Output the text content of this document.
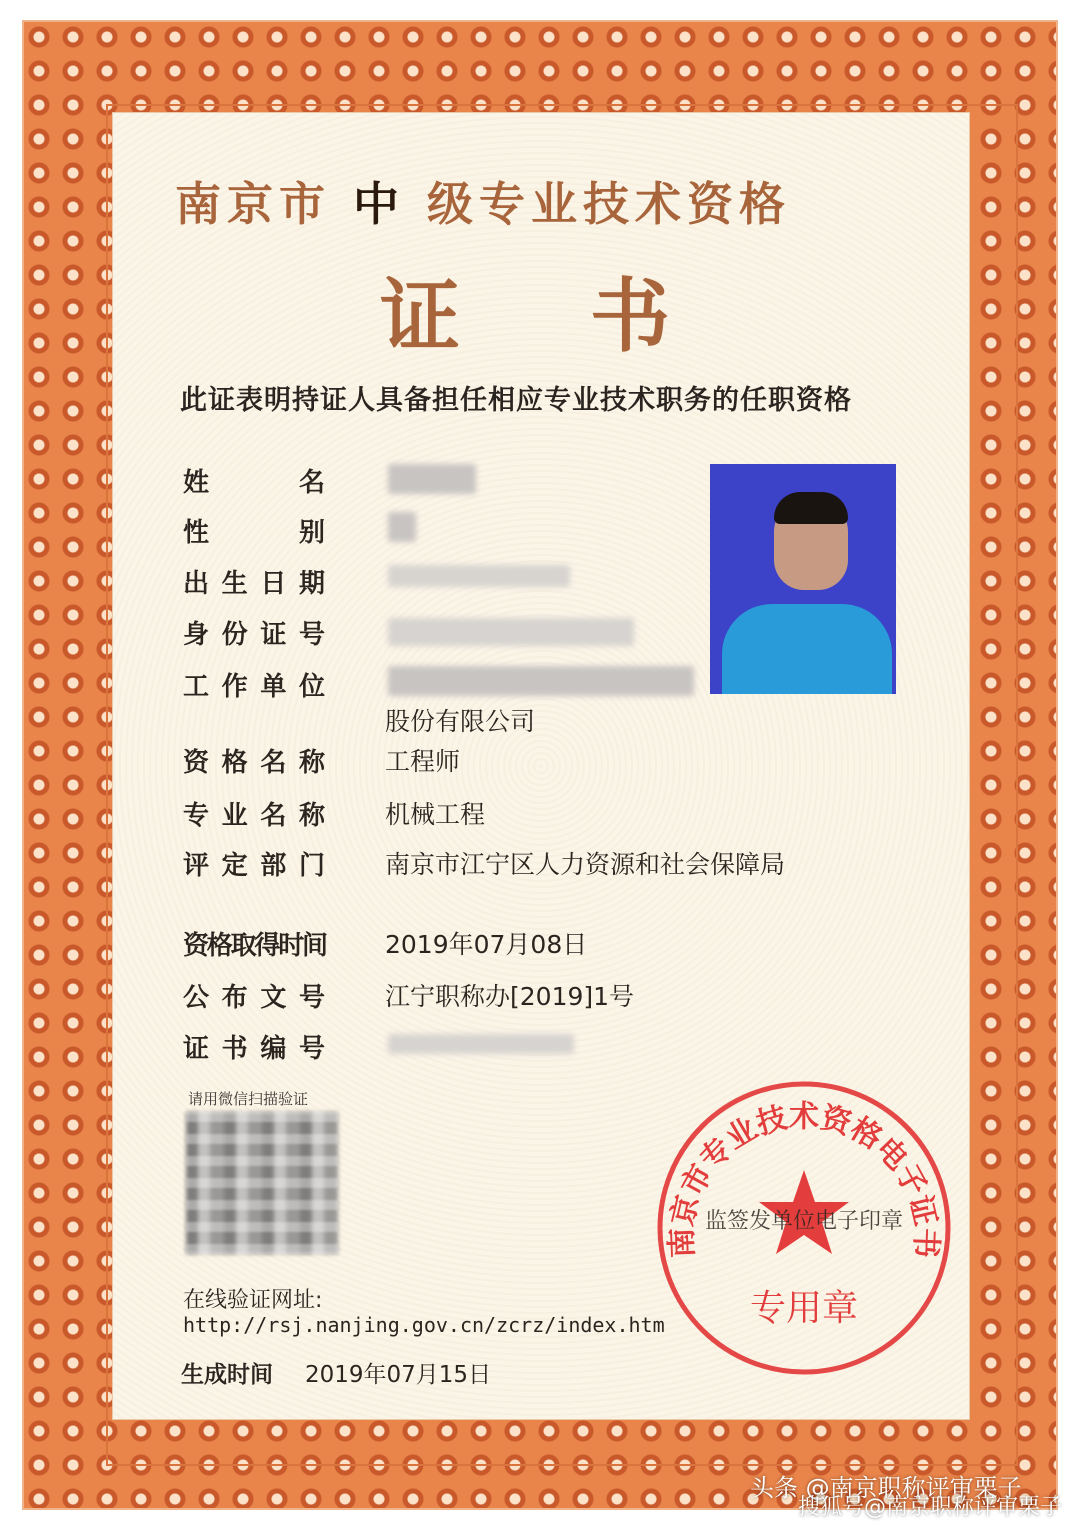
南京市 中 级专业技术资格
证书
此证表明持证人具备担任相应专业技术职务的任职资格
姓名
性别
出生日期
身份证号
工作单位
股份有限公司
资格名称 工程师
专业名称 机械工程
评定部门 南京市江宁区人力资源和社会保障局
资格取得时间 2019年07月08日
公布文号 江宁职称办[2019]1号
证书编号
请用微信扫描验证
在线验证网址:
http://rsj.nanjing.gov.cn/zcrz/index.htm
生成时间 2019年07月15日
南京市专业技术资格电子证书
监签发单位电子印章
专用章
头条 @南京职称评审栗子
搜狐号@南京职称评审栗子
